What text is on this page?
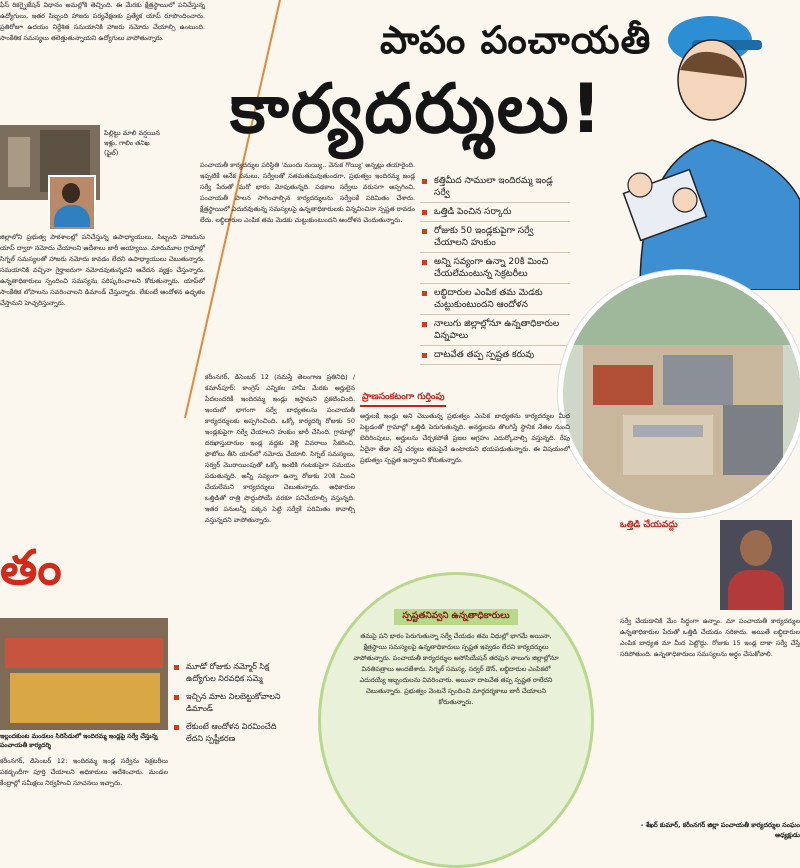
ఫేస్ రికగ్నైజేషన్ విధానం అమల్లోకి తెచ్చింది. ఈ మేరకు క్షేత్రస్థాయిలో పనిచేస్తున్న ఉద్యోగులు, ఇతర సిబ్బంది హాజరు పర్యవేక్షణకు ప్రత్యేక యాప్ రూపొందించారు. ప్రతిరోజూ ఉదయం నిర్దేశిత సమయానికి హాజరు నమోదు చేయాల్సి ఉంటుంది. సాంకేతిక సమస్యలు తలెత్తుతున్నాయని ఉద్యోగులు వాపోతున్నారు.
పిల్లిట్టు మాలి వర్షయిన
ఇళ్లు, గాలిం తనిఖ
(ఫైల్)
జిల్లాలోని ప్రభుత్వ పాఠశాలల్లో పనిచేస్తున్న ఉపాధ్యాయులు, సిబ్బంది హాజరును యాప్ ద్వారా నమోదు చేయాలని ఆదేశాలు జారీ అయ్యాయి. మారుమూల గ్రామాల్లో సిగ్నల్ సమస్యలతో హాజరు నమోదు కావడం లేదని ఉపాధ్యాయులు చెబుతున్నారు. సమయానికి వచ్చినా గైర్హాజరుగా నమోదవుతున్నదని ఆవేదన వ్యక్తం చేస్తున్నారు. ఉన్నతాధికారులు స్పందించి సమస్యను పరిష్కరించాలని కోరుతున్నారు. యాప్‌లో సాంకేతిక లోపాలను సవరించాలని డిమాండ్ చేస్తున్నారు. లేకుంటే ఆందోళన ఉధృతం చేస్తామని హెచ్చరిస్తున్నారు.
తం
పాపం పంచాయతీ
కార్యదర్శులు!
పంచాయతీ కార్యదర్శుల పరిస్థితి 'ముందు నుయ్యి.. వెనుక గొయ్యి' అన్నట్లు తయారైంది. ఇప్పటికే అనేక పనులు, సర్వేలతో సతమతమవుతుండగా, ప్రభుత్వం ఇందిరమ్మ ఇండ్ల సర్వే పేరుతో మరో భారం మోపుతున్నది. పథకాల సర్వేలు వరుసగా అప్పగించి, పంచాయతీ పాలన సాగించాల్సిన కార్యదర్శులను సర్వేలకే పరిమితం చేశారు. క్షేత్రస్థాయిలో ఎదురవుతున్న సమస్యలపై ఉన్నతాధికారులకు విన్నవించినా స్పష్టత రావడం లేదు. లబ్ధిదారుల ఎంపిక తమ మెడకు చుట్టుకుంటుందని ఆందోళన చెందుతున్నారు.
కత్తిమీద సాములా ఇందిరమ్మ ఇండ్ల సర్వే
ఒత్తిడి పెంచిన సర్కారు
రోజుకు 50 ఇండ్లకుపైగా సర్వే చేయాలని హుకుం
అన్ని సవ్యంగా ఉన్నా 20కి మించి చేయలేమంటున్న సెక్రటరీలు
లబ్ధిదారుల ఎంపిక తమ మెడకు చుట్టుకుంటుందని ఆందోళన
నాలుగు జిల్లాల్లోనూ ఉన్నతాధికారుల విన్నపాలు
దాటవేత తప్ప స్పష్టత కరువు
కరీంనగర్, డిసెంబర్ 12 (నమస్తే తెలంగాణ ప్రతినిధి) / కమాన్‌పూర్: కాంగ్రెస్ ఎన్నికల హామీ మేరకు అర్హులైన పేదలందరికీ ఇందిరమ్మ ఇండ్లు ఇస్తామని ప్రకటించింది. ఇందులో భాగంగా సర్వే బాధ్యతలను పంచాయతీ కార్యదర్శులకు అప్పగించింది. ఒక్కో కార్యదర్శి రోజుకు 50 ఇండ్లకుపైగా సర్వే చేయాలని హుకుం జారీ చేసింది. గ్రామాల్లో దరఖాస్తుదారుల ఇండ్ల వద్దకు వెళ్లి వివరాలు సేకరించి, ఫొటోలు తీసి యాప్‌లో నమోదు చేయాలి. సిగ్నల్ సమస్యలు, సర్వర్ మొరాయింపుతో ఒక్కో ఇంటికి గంటకుపైగా సమయం పడుతున్నది. అన్నీ సవ్యంగా ఉన్నా రోజుకు 20కి మించి చేయలేమని కార్యదర్శులు చెబుతున్నారు. అధికారుల ఒత్తిడితో రాత్రి పొద్దుపోయే వరకూ పనిచేయాల్సి వస్తున్నది. ఇతర పనులన్నీ పక్కన పెట్టి సర్వేకే పరిమితం కావాల్సి వస్తున్నదని వాపోతున్నారు.
ప్రాణసంకటంగా గుర్తింపు
అర్హులకే ఇండ్లు అని చెబుతున్న ప్రభుత్వం ఎంపిక బాధ్యతను కార్యదర్శుల మీద పెట్టడంతో గ్రామాల్లో ఒత్తిడి పెరుగుతున్నది. అనర్హులను తొలగిస్తే స్థానిక నేతల నుంచి బెదిరింపులు, అర్హులను చేర్చకపోతే ప్రజల ఆగ్రహం ఎదుర్కోవాల్సి వస్తున్నది. రేపు ఏదైనా తేడా వస్తే చర్యలు తమపైనే ఉంటాయని భయపడుతున్నారు. ఈ విషయంలో ప్రభుత్వం స్పష్టత ఇవ్వాలని కోరుతున్నారు.
స్పష్టతనివ్వని ఉన్నతాధికారులు
తమపై పని భారం పెరుగుతున్నా సర్వే చేయడం తమ విధుల్లో భాగమే అయినా, క్షేత్రస్థాయి సమస్యలపై ఉన్నతాధికారులు స్పష్టత ఇవ్వడం లేదని కార్యదర్శులు వాపోతున్నారు. పంచాయతీ కార్యదర్శుల అసోసియేషన్ తరఫున నాలుగు జిల్లాల్లోనూ వినతిపత్రాలు అందజేశారు. సిగ్నల్ సమస్య, సర్వర్ డౌన్, లబ్ధిదారుల ఎంపికలో ఎదురయ్యే ఇబ్బందులను వివరించారు. అయినా దాటవేత తప్ప స్పష్టత రాలేదని చెబుతున్నారు. ప్రభుత్వం వెంటనే స్పందించి మార్గదర్శకాలు జారీ చేయాలని కోరుతున్నారు.
ఒత్తిడి చేయవద్దు
సర్వే చేయడానికి మేం సిద్ధంగా ఉన్నాం. మా పంచాయతీ కార్యదర్శుల ఉన్నతాధికారుల పేరుతో ఒత్తిడి చేయడం సరికాదు. అయితే లబ్ధిదారుల ఎంపిక బాధ్యత మా మీద పెట్టొద్దు. రోజుకు 15 ఇండ్ల దాకా సర్వే చేస్తే సరిపోతుంది. ఉన్నతాధికారులు సమస్యలను అర్థం చేసుకోవాలి.
- శేఖర్ ‌కుమార్, కరీంనగర్ జిల్లా పంచాయతీ కార్యదర్శుల సంఘం అధ్యక్షుడు
ఇల్లందకుంట మండలం సిరిసేడులో ఇందిరమ్మ ఇండ్లపై సర్వే చేస్తున్న పంచాయతీ కార్యదర్శి
కరీంనగర్, డిసెంబర్ 12: ఇందిరమ్మ ఇండ్ల సర్వేను సెక్రటరీలు పకడ్బందీగా పూర్తి చేయాలని అధికారులు ఆదేశించారు. మండల కేంద్రాల్లో సమీక్షలు నిర్వహించి సూచనలు ఇచ్చారు.
మూడో రోజుకు నమ్మోర్ సిక్ష ఉద్యోగుల నిరవధిక సమ్మె
ఇచ్చిన మాట నిలబెట్టుకోవాలని డిమాండ్
లేకుంటే ఆందోళన విరమించేది లేదని స్పష్టీకరణ
